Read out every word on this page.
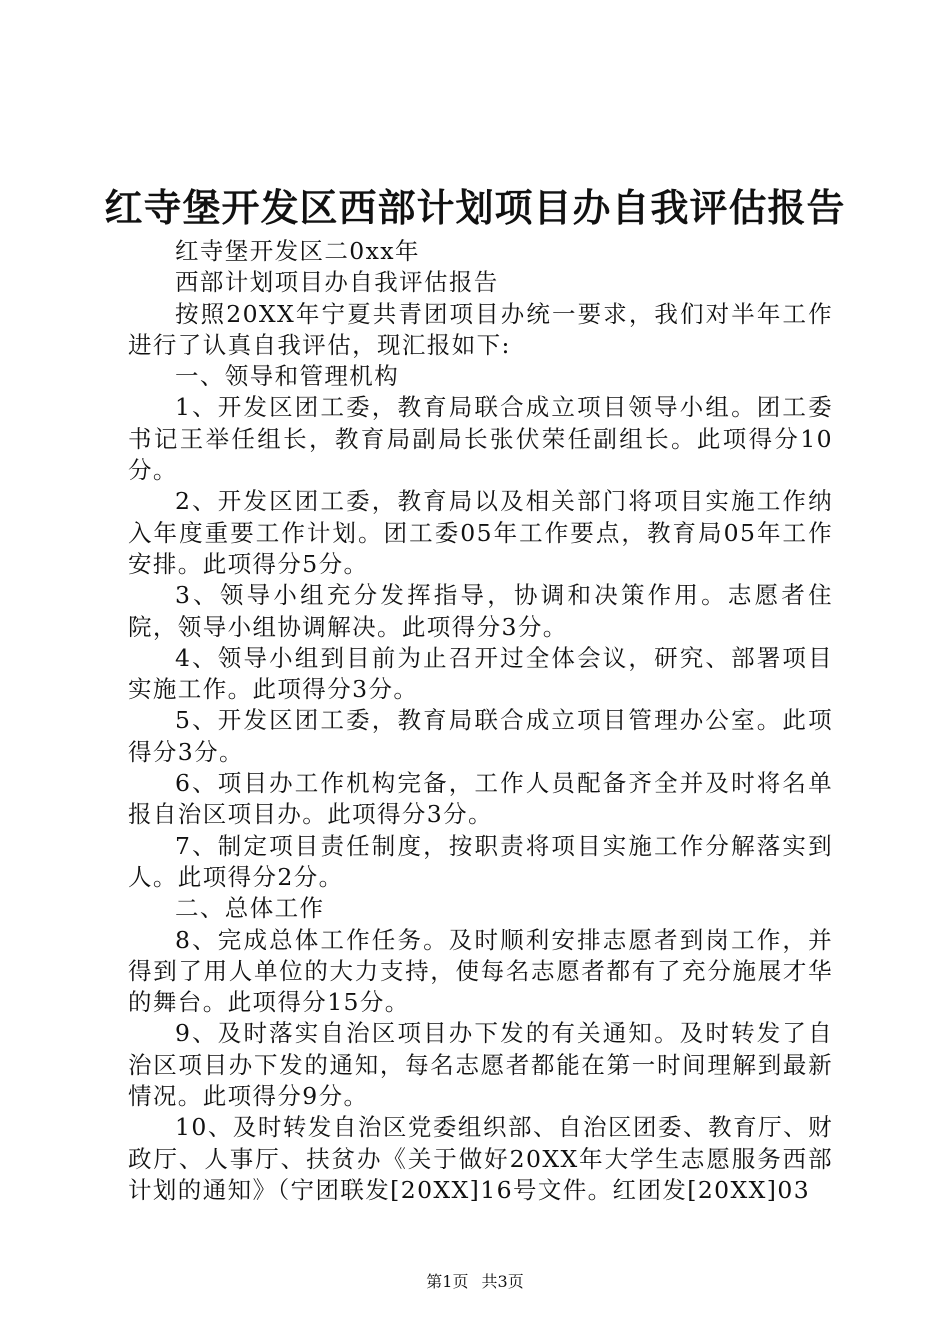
红寺堡开发区西部计划项目办自我评估报告

红寺堡开发区二0xx年

西部计划项目办自我评估报告

按照20XX年宁夏共青团项目办统一要求，我们对半年工作进行了认真自我评估，现汇报如下:

一、领导和管理机构

1、开发区团工委，教育局联合成立项目领导小组。团工委书记王举任组长，教育局副局长张伏荣任副组长。此项得分10分。

2、开发区团工委，教育局以及相关部门将项目实施工作纳入年度重要工作计划。团工委05年工作要点，教育局05年工作安排。此项得分5分。

3、领导小组充分发挥指导，协调和决策作用。志愿者住院，领导小组协调解决。此项得分3分。

4、领导小组到目前为止召开过全体会议，研究、部署项目实施工作。此项得分3分。

5、开发区团工委，教育局联合成立项目管理办公室。此项得分3分。

6、项目办工作机构完备，工作人员配备齐全并及时将名单报自治区项目办。此项得分3分。

7、制定项目责任制度，按职责将项目实施工作分解落实到人。此项得分2分。

二、总体工作

8、完成总体工作任务。及时顺利安排志愿者到岗工作，并得到了用人单位的大力支持，使每名志愿者都有了充分施展才华的舞台。此项得分15分。

9、及时落实自治区项目办下发的有关通知。及时转发了自治区项目办下发的通知，每名志愿者都能在第一时间理解到最新情况。此项得分9分。

10、及时转发自治区党委组织部、自治区团委、教育厅、财政厅、人事厅、扶贫办《关于做好20XX年大学生志愿服务西部计划的通知》（宁团联发[20XX]16号文件。红团发[20XX]03

第1页 共3页
